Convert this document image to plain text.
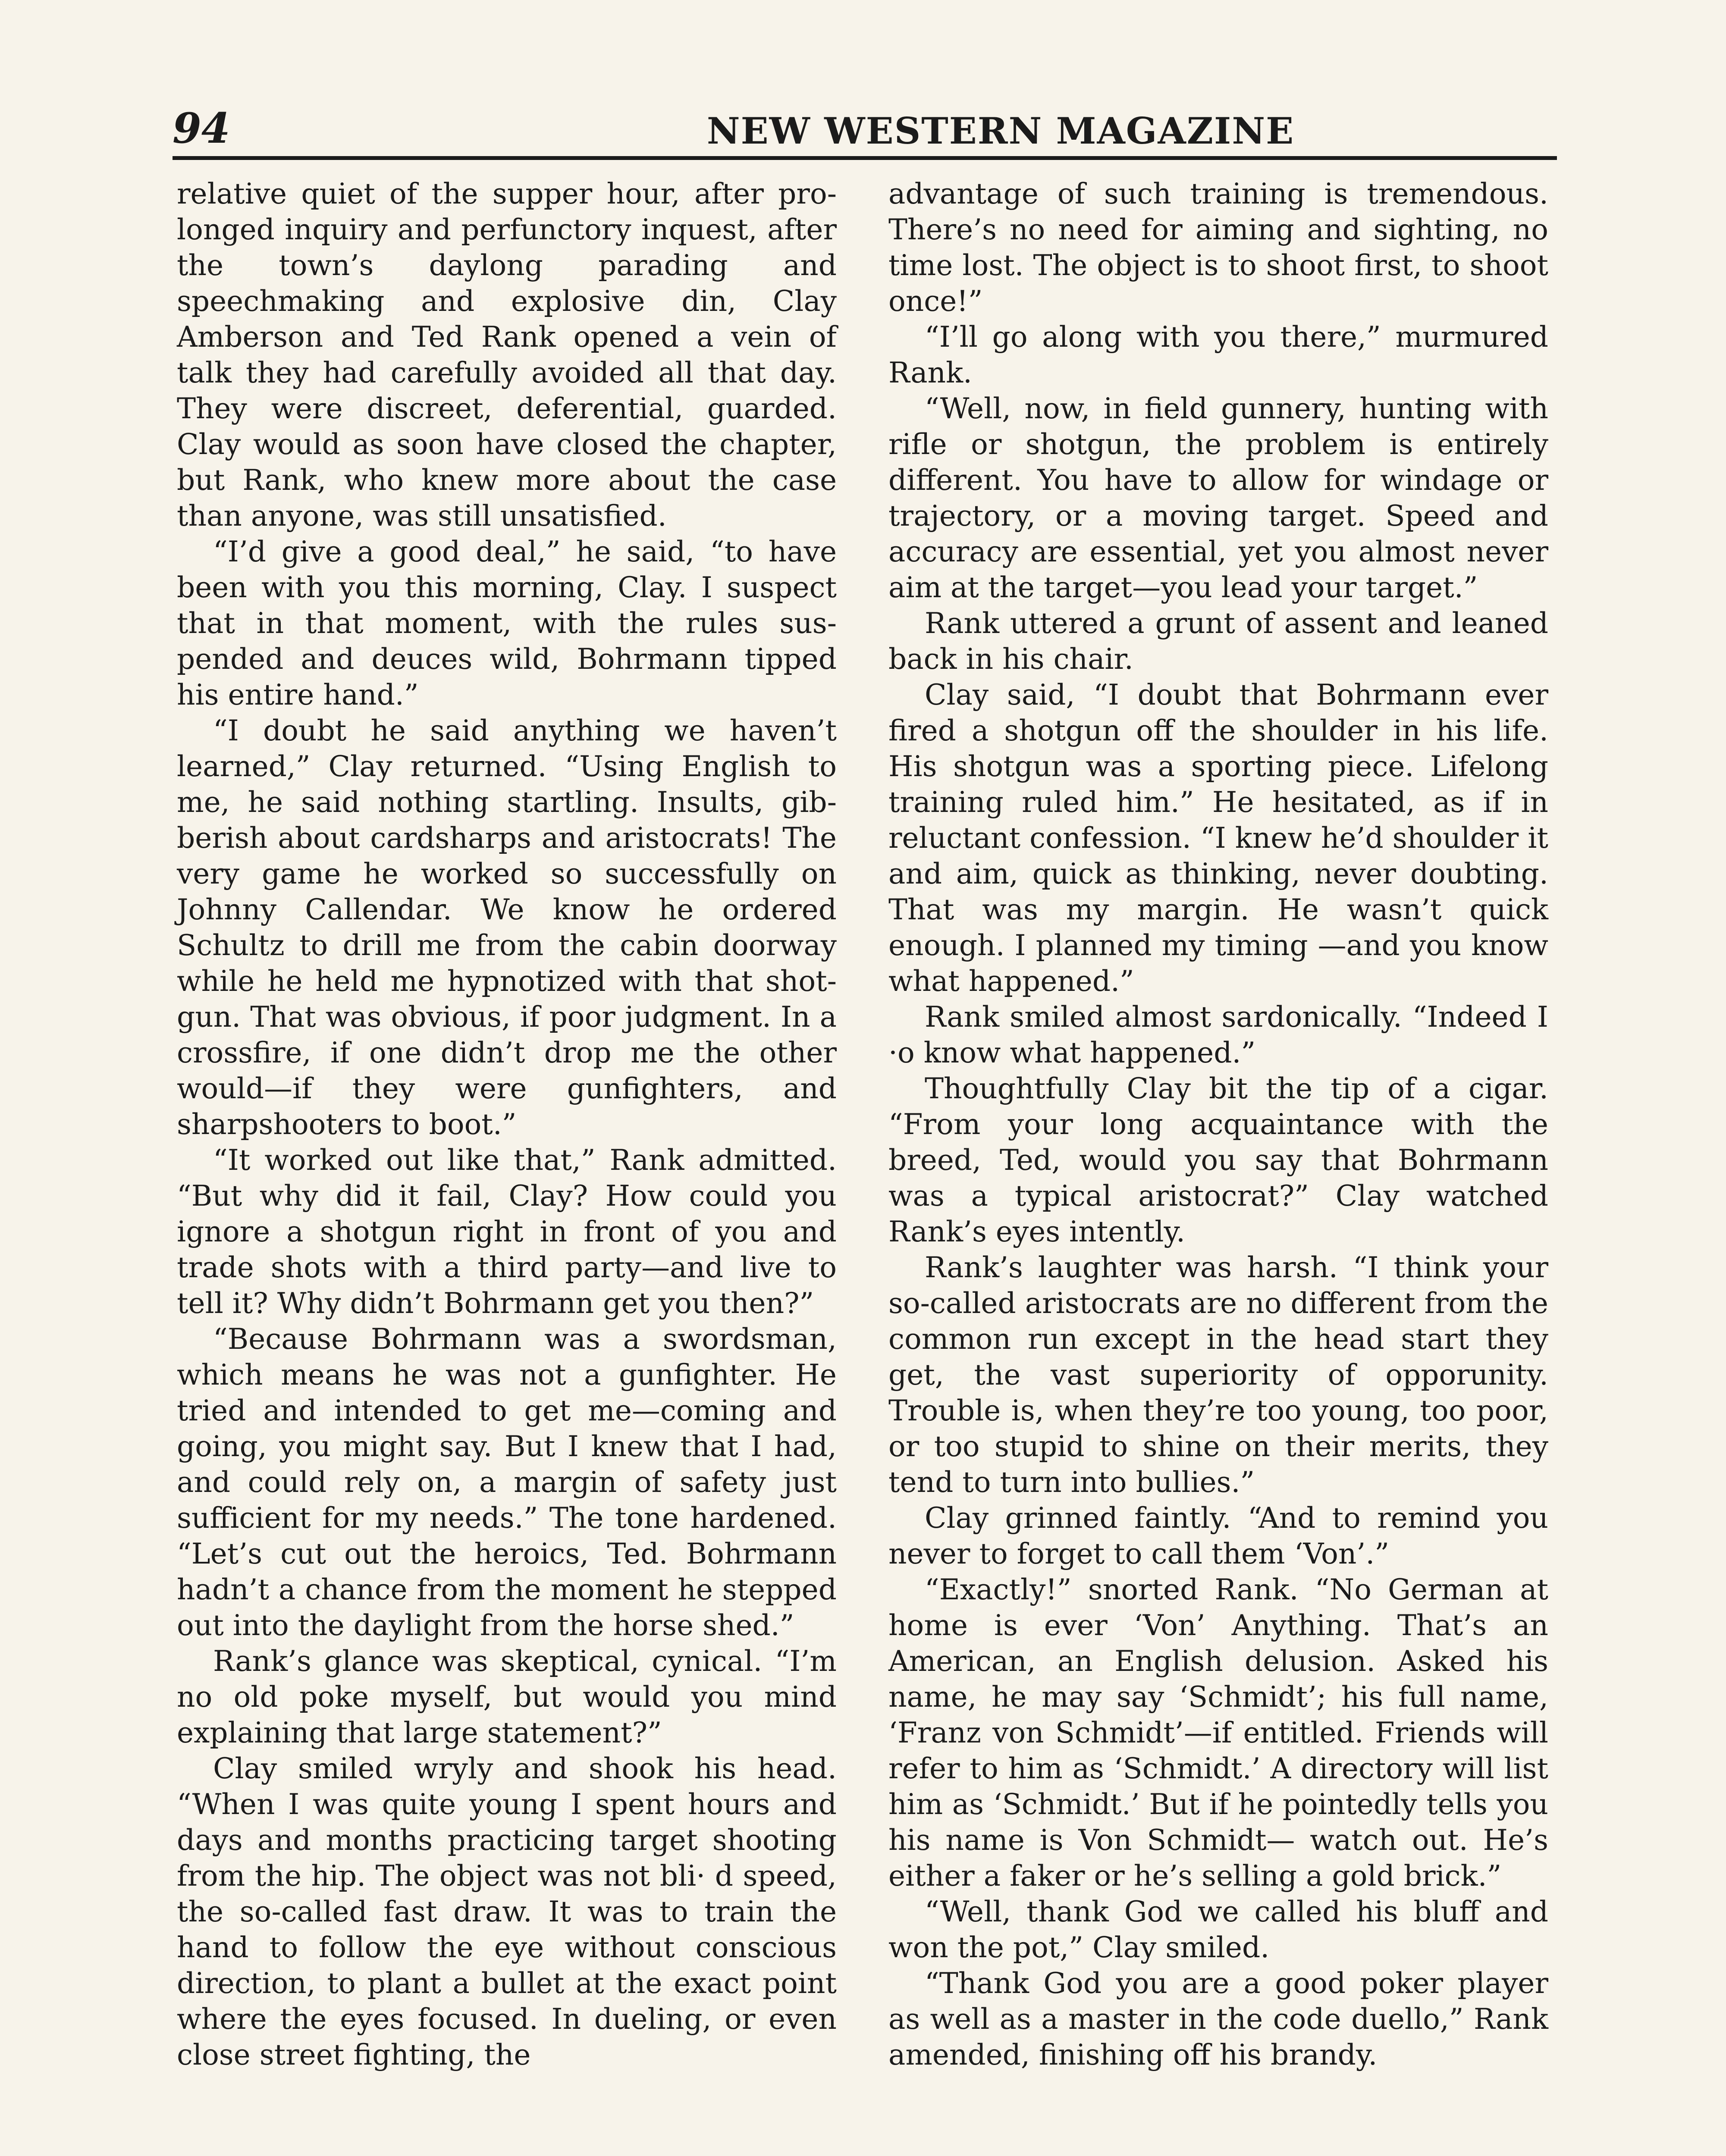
94	NEW WESTERN MAGAZINE

relative quiet of the supper hour, after prolonged inquiry and perfunctory inquest, after the town’s daylong parading and speechmaking and explosive din, Clay Amberson and Ted Rank opened a vein of talk they had carefully avoided all that day. They were discreet, deferential, guarded. Clay would as soon have closed the chapter, but Rank, who knew more about the case than anyone, was still unsatisfied.

“I’d give a good deal,” he said, “to have been with you this morning, Clay. I suspect that in that moment, with the rules suspended and deuces wild, Bohrmann tipped his entire hand.”

“I doubt he said anything we haven’t learned,” Clay returned. “Using English to me, he said nothing startling. Insults, gibberish about cardsharps and aristocrats! The very game he worked so successfully on Johnny Callendar. We know he ordered Schultz to drill me from the cabin doorway while he held me hypnotized with that shotgun. That was obvious, if poor judgment. In a crossfire, if one didn’t drop me the other would—if they were gunfighters, and sharpshooters to boot.”

“It worked out like that,” Rank admitted. “But why did it fail, Clay? How could you ignore a shotgun right in front of you and trade shots with a third party—and live to tell it? Why didn’t Bohrmann get you then?”

“Because Bohrmann was a swordsman, which means he was not a gunfighter. He tried and intended to get me—coming and going, you might say. But I knew that I had, and could rely on, a margin of safety just sufficient for my needs.” The tone hardened. “Let’s cut out the heroics, Ted. Bohrmann hadn’t a chance from the moment he stepped out into the daylight from the horse shed.”

Rank’s glance was skeptical, cynical. “I’m no old poke myself, but would you mind explaining that large statement?”

Clay smiled wryly and shook his head. “When I was quite young I spent hours and days and months practicing target shooting from the hip. The object was not bli· d speed, the so-called fast draw. It was to train the hand to follow the eye without conscious direction, to plant a bullet at the exact point where the eyes focused. In dueling, or even close street fighting, the

advantage of such training is tremendous. There’s no need for aiming and sighting, no time lost. The object is to shoot first, to shoot once!”

“I’ll go along with you there,” murmured Rank.

“Well, now, in field gunnery, hunting with rifle or shotgun, the problem is entirely different. You have to allow for windage or trajectory, or a moving target. Speed and accuracy are essential, yet you almost never aim at the target—you lead your target.”

Rank uttered a grunt of assent and leaned back in his chair.

Clay said, “I doubt that Bohrmann ever fired a shotgun off the shoulder in his life. His shotgun was a sporting piece. Lifelong training ruled him.” He hesitated, as if in reluctant confession. “I knew he’d shoulder it and aim, quick as thinking, never doubting. That was my margin. He wasn’t quick enough. I planned my timing —and you know what happened.”

Rank smiled almost sardonically. “Indeed I ·o know what happened.”

Thoughtfully Clay bit the tip of a cigar. “From your long acquaintance with the breed, Ted, would you say that Bohrmann was a typical aristocrat?” Clay watched Rank’s eyes intently.

Rank’s laughter was harsh. “I think your so-called aristocrats are no different from the common run except in the head start they get, the vast superiority of opporunity. Trouble is, when they’re too young, too poor, or too stupid to shine on their merits, they tend to turn into bullies.”

Clay grinned faintly. “And to remind you never to forget to call them ‘Von’.”

“Exactly!” snorted Rank. “No German at home is ever ‘Von’ Anything. That’s an American, an English delusion. Asked his name, he may say ‘Schmidt’; his full name, ‘Franz von Schmidt’—if entitled. Friends will refer to him as ‘Schmidt.’ A directory will list him as ‘Schmidt.’ But if he pointedly tells you his name is Von Schmidt— watch out. He’s either a faker or he’s selling a gold brick.”

“Well, thank God we called his bluff and won the pot,” Clay smiled.

“Thank God you are a good poker player as well as a master in the code duello,” Rank amended, finishing off his brandy.
